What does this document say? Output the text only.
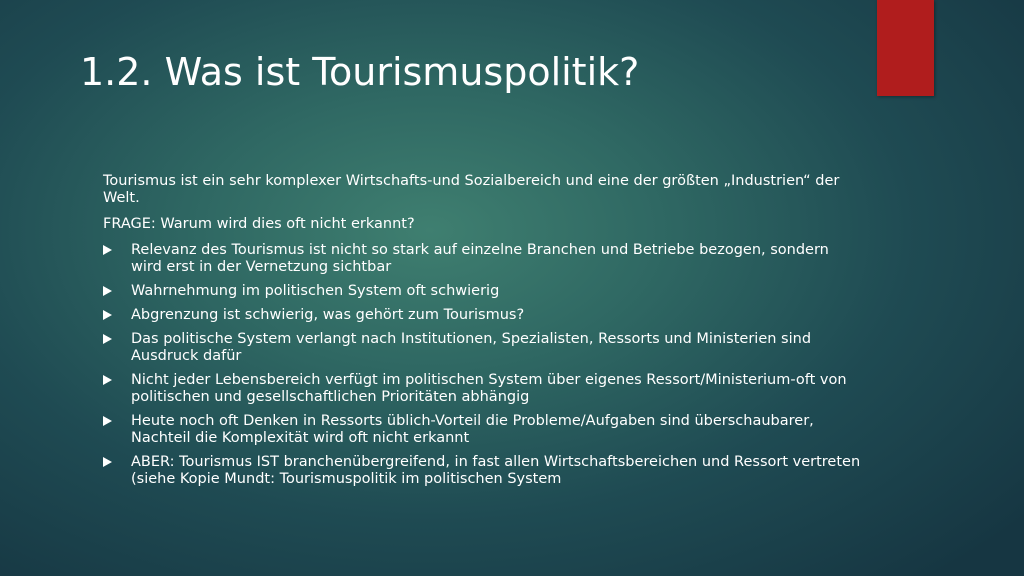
1.2. Was ist Tourismuspolitik?

Tourismus ist ein sehr komplexer Wirtschafts-und Sozialbereich und eine der größten „Industrien“ der Welt.

FRAGE: Warum wird dies oft nicht erkannt?

Relevanz des Tourismus ist nicht so stark auf einzelne Branchen und Betriebe bezogen, sondern wird erst in der Vernetzung sichtbar
Wahrnehmung im politischen System oft schwierig
Abgrenzung ist schwierig, was gehört zum Tourismus?
Das politische System verlangt nach Institutionen, Spezialisten, Ressorts und Ministerien sind Ausdruck dafür
Nicht jeder Lebensbereich verfügt im politischen System über eigenes Ressort/Ministerium-oft von politischen und gesellschaftlichen Prioritäten abhängig
Heute noch oft Denken in Ressorts üblich-Vorteil die Probleme/Aufgaben sind überschaubarer, Nachteil die Komplexität wird oft nicht erkannt
ABER: Tourismus IST branchenübergreifend, in fast allen Wirtschaftsbereichen und Ressort vertreten (siehe Kopie Mundt: Tourismuspolitik im politischen System
